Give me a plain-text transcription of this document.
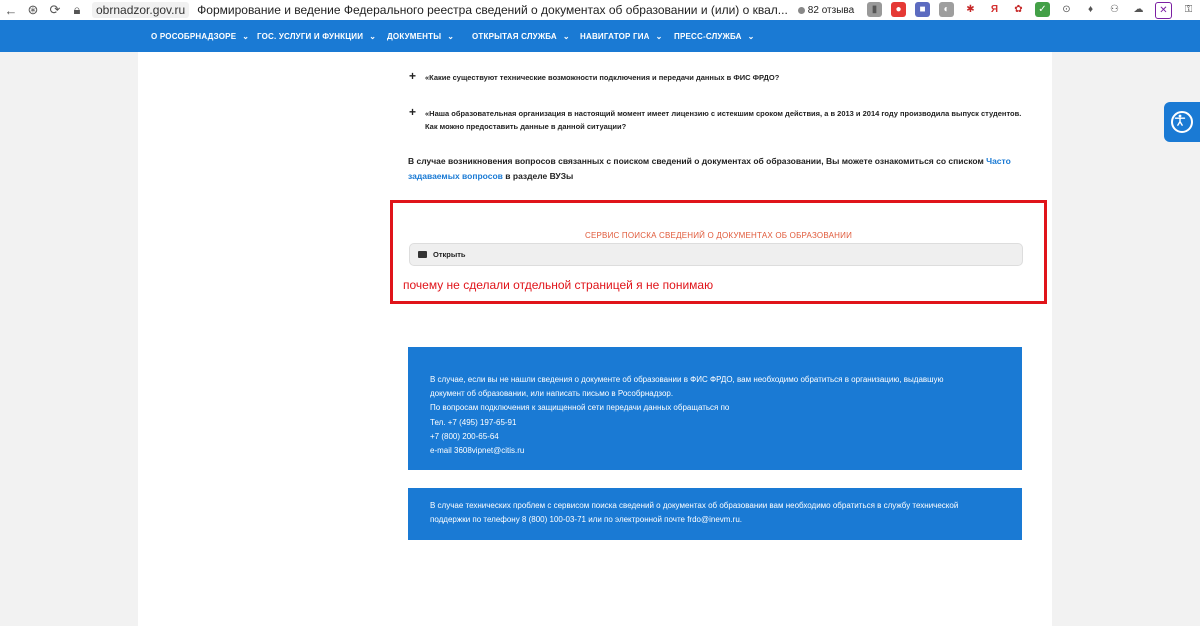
← ⊛ ⟳	🔒︎	obrnadzor.gov.ru	Формирование и ведение Федерального реестра сведений о документах об образовании и (или) о квал... 82 отзыва	▮	●	■	◐	✱	Я	✿	✓	⊙	♦	⚇	☁	✕	⚿
О РОСОБРНАДЗОРЕ ⌄ ГОС. УСЛУГИ И ФУНКЦИИ ⌄ ДОКУМЕНТЫ ⌄ ОТКРЫТАЯ СЛУЖБА ⌄ НАВИГАТОР ГИА ⌄ ПРЕСС-СЛУЖБА ⌄
+ «Какие существуют технические возможности подключения и передачи данных в ФИС ФРДО?
+ «Наша образовательная организация в настоящий момент имеет лицензию с истекшим сроком действия, а в 2013 и 2014 году производила выпуск студентов.
Как можно предоставить данные в данной ситуации?
В случае возникновения вопросов связанных с поиском сведений о документах об образовании, Вы можете ознакомиться со списком Часто задаваемых вопросов в разделе ВУЗы
СЕРВИС ПОИСКА СВЕДЕНИЙ О ДОКУМЕНТАХ ОБ ОБРАЗОВАНИИ
Открыть
почему не сделали отдельной страницей я не понимаю
В случае, если вы не нашли сведения о документе об образовании в ФИС ФРДО, вам необходимо обратиться в организацию, выдавшую
документ об образовании, или написать письмо в Рособрнадзор.
По вопросам подключения к защищенной сети передачи данных обращаться по
Тел. +7 (495) 197-65-91
+7 (800) 200-65-64
e-mail 3608vipnet@citis.ru
В случае технических проблем с сервисом поиска сведений о документах об образовании вам необходимо обратиться в службу технической
поддержки по телефону 8 (800) 100-03-71 или по электронной почте frdo@inevm.ru.
